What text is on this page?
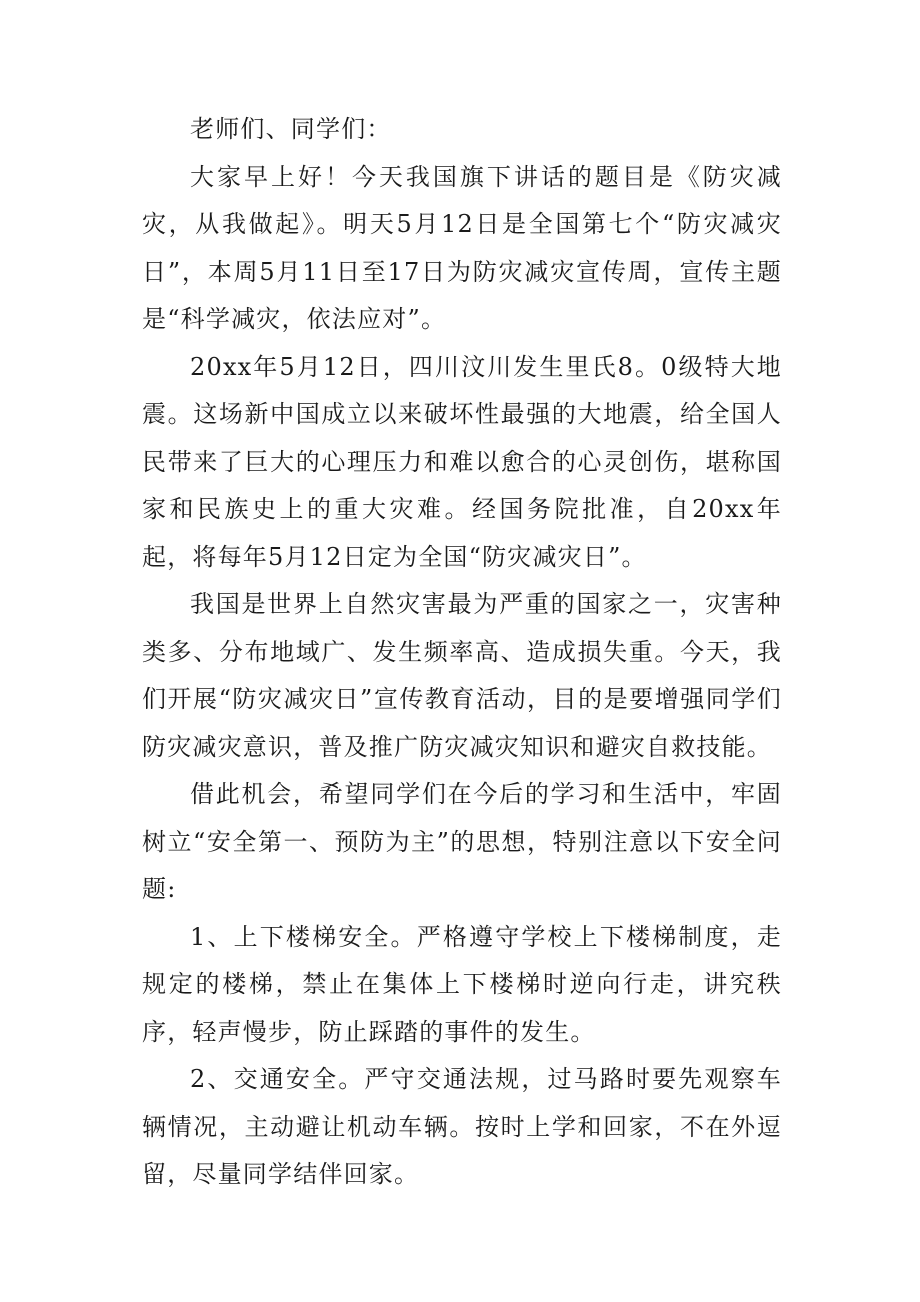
老师们、同学们：

大家早上好！今天我国旗下讲话的题目是《防灾减灾，从我做起》。明天5月12日是全国第七个“防灾减灾日”，本周5月11日至17日为防灾减灾宣传周，宣传主题是“科学减灾，依法应对”。

20xx年5月12日，四川汶川发生里氏8。0级特大地震。这场新中国成立以来破坏性最强的大地震，给全国人民带来了巨大的心理压力和难以愈合的心灵创伤，堪称国家和民族史上的重大灾难。经国务院批准，自20xx年起，将每年5月12日定为全国“防灾减灾日”。

我国是世界上自然灾害最为严重的国家之一，灾害种类多、分布地域广、发生频率高、造成损失重。今天，我们开展“防灾减灾日”宣传教育活动，目的是要增强同学们防灾减灾意识，普及推广防灾减灾知识和避灾自救技能。

借此机会，希望同学们在今后的学习和生活中，牢固树立“安全第一、预防为主”的思想，特别注意以下安全问题:

1、上下楼梯安全。严格遵守学校上下楼梯制度，走规定的楼梯，禁止在集体上下楼梯时逆向行走，讲究秩序，轻声慢步，防止踩踏的事件的发生。

2、交通安全。严守交通法规，过马路时要先观察车辆情况，主动避让机动车辆。按时上学和回家，不在外逗留，尽量同学结伴回家。
